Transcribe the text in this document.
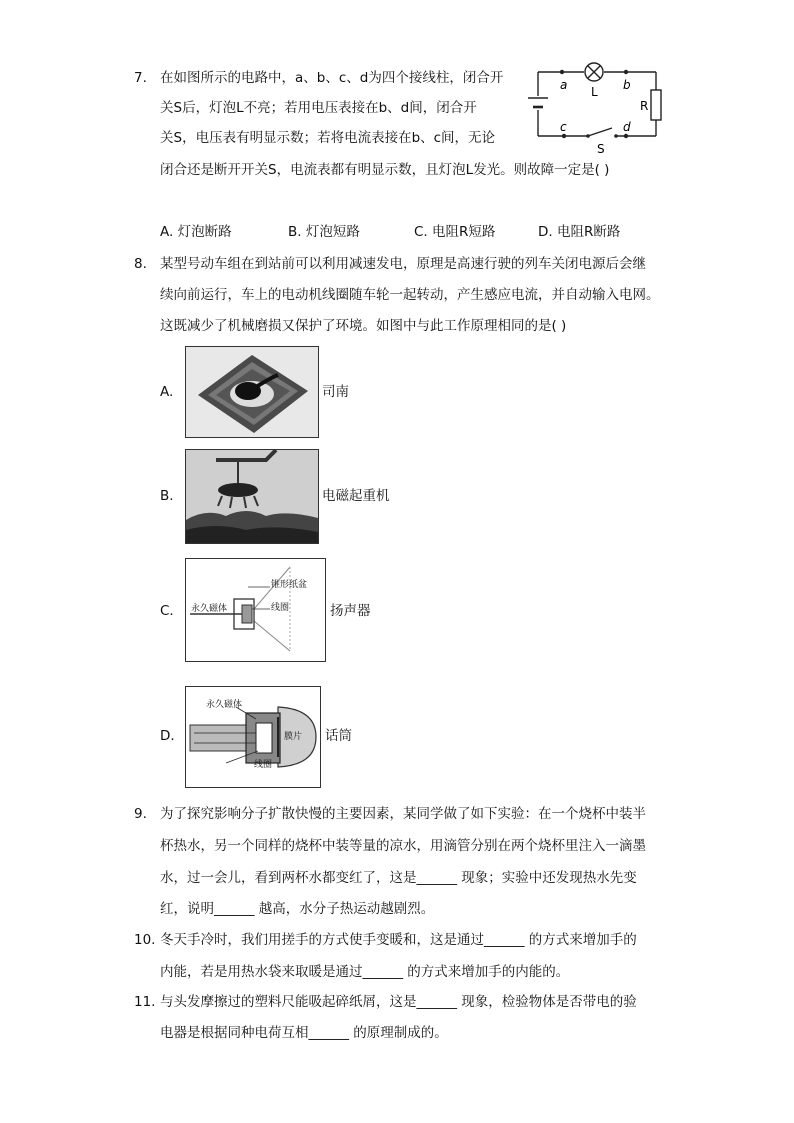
7. 在如图所示的电路中，a、b、c、d为四个接线柱，闭合开
关S后，灯泡L不亮；若用电压表接在b、d间，闭合开
关S，电压表有明显示数；若将电流表接在b、c间，无论
闭合还是断开开关S，电流表都有明显示数，且灯泡L发光。则故障一定是( )
a	b
c	d
L
R
S
A. 灯泡断路	B. 灯泡短路	C. 电阻R短路	D. 电阻R断路
8. 某型号动车组在到站前可以利用减速发电，原理是高速行驶的列车关闭电源后会继
续向前运行，车上的电动机线圈随车轮一起转动，产生感应电流，并自动输入电网。
这既减少了机械磨损又保护了环境。如图中与此工作原理相同的是( )
A.	司南
B.	电磁起重机
C.
锥形纸盆
永久磁体	线圈	扬声器
D.
永久磁体
膜片
线圈
话筒
9. 为了探究影响分子扩散快慢的主要因素，某同学做了如下实验：在一个烧杯中装半
杯热水，另一个同样的烧杯中装等量的凉水，用滴管分别在两个烧杯里注入一滴墨
水，过一会儿，看到两杯水都变红了，这是______ 现象；实验中还发现热水先变
红，说明______ 越高，水分子热运动越剧烈。
10. 冬天手冷时，我们用搓手的方式使手变暖和，这是通过______ 的方式来增加手的
内能，若是用热水袋来取暖是通过______ 的方式来增加手的内能的。
11. 与头发摩擦过的塑料尺能吸起碎纸屑，这是______ 现象，检验物体是否带电的验
电器是根据同种电荷互相______ 的原理制成的。
